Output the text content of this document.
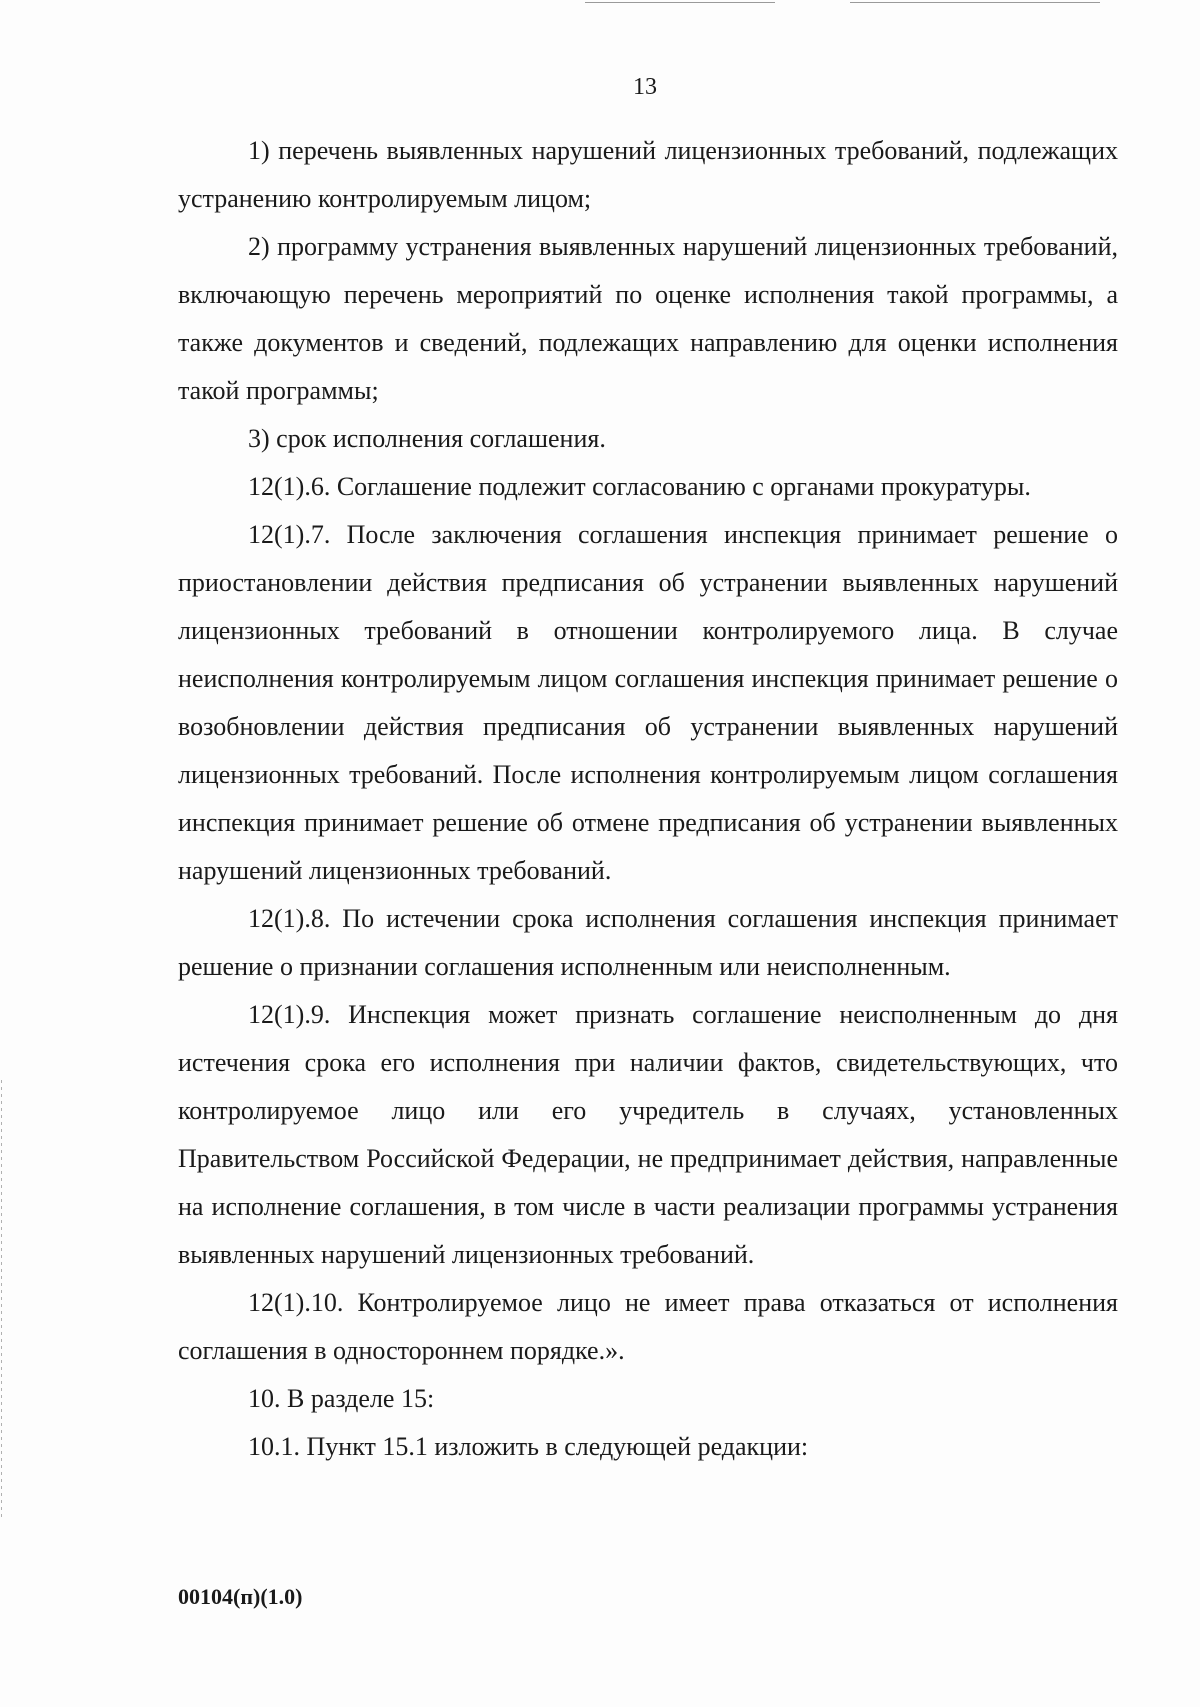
13

1) перечень выявленных нарушений лицензионных требований, подлежащих устранению контролируемым лицом;

2) программу устранения выявленных нарушений лицензионных требований, включающую перечень мероприятий по оценке исполнения такой программы, а также документов и сведений, подлежащих направлению для оценки исполнения такой программы;

3) срок исполнения соглашения.

12(1).6. Соглашение подлежит согласованию с органами прокуратуры.

12(1).7. После заключения соглашения инспекция принимает решение о приостановлении действия предписания об устранении выявленных нарушений лицензионных требований в отношении контролируемого лица. В случае неисполнения контролируемым лицом соглашения инспекция принимает решение о возобновлении действия предписания об устранении выявленных нарушений лицензионных требований. После исполнения контролируемым лицом соглашения инспекция принимает решение об отмене предписания об устранении выявленных нарушений лицензионных требований.

12(1).8. По истечении срока исполнения соглашения инспекция принимает решение о признании соглашения исполненным или неисполненным.

12(1).9. Инспекция может признать соглашение неисполненным до дня истечения срока его исполнения при наличии фактов, свидетельствующих, что контролируемое лицо или его учредитель в случаях, установленных Правительством Российской Федерации, не предпринимает действия, направленные на исполнение соглашения, в том числе в части реализации программы устранения выявленных нарушений лицензионных требований.

12(1).10. Контролируемое лицо не имеет права отказаться от исполнения соглашения в одностороннем порядке.».

10. В разделе 15:

10.1. Пункт 15.1 изложить в следующей редакции:

00104(п)(1.0)
